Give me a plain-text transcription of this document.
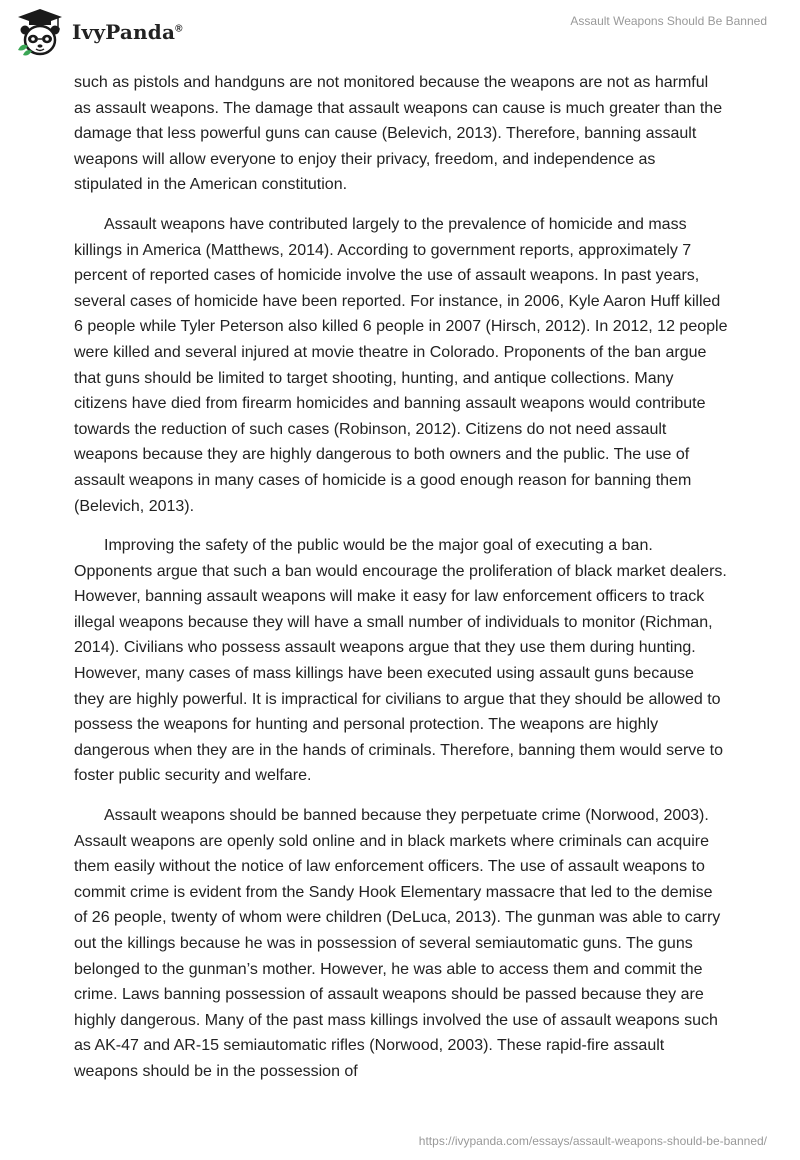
IvyPanda®
Assault Weapons Should Be Banned

such as pistols and handguns are not monitored because the weapons are not as harmful as assault weapons. The damage that assault weapons can cause is much greater than the damage that less powerful guns can cause (Belevich, 2013). Therefore, banning assault weapons will allow everyone to enjoy their privacy, freedom, and independence as stipulated in the American constitution.

Assault weapons have contributed largely to the prevalence of homicide and mass killings in America (Matthews, 2014). According to government reports, approximately 7 percent of reported cases of homicide involve the use of assault weapons. In past years, several cases of homicide have been reported. For instance, in 2006, Kyle Aaron Huff killed 6 people while Tyler Peterson also killed 6 people in 2007 (Hirsch, 2012). In 2012, 12 people were killed and several injured at movie theatre in Colorado. Proponents of the ban argue that guns should be limited to target shooting, hunting, and antique collections. Many citizens have died from firearm homicides and banning assault weapons would contribute towards the reduction of such cases (Robinson, 2012). Citizens do not need assault weapons because they are highly dangerous to both owners and the public. The use of assault weapons in many cases of homicide is a good enough reason for banning them (Belevich, 2013).

Improving the safety of the public would be the major goal of executing a ban. Opponents argue that such a ban would encourage the proliferation of black market dealers. However, banning assault weapons will make it easy for law enforcement officers to track illegal weapons because they will have a small number of individuals to monitor (Richman, 2014). Civilians who possess assault weapons argue that they use them during hunting. However, many cases of mass killings have been executed using assault guns because they are highly powerful. It is impractical for civilians to argue that they should be allowed to possess the weapons for hunting and personal protection. The weapons are highly dangerous when they are in the hands of criminals. Therefore, banning them would serve to foster public security and welfare.

Assault weapons should be banned because they perpetuate crime (Norwood, 2003). Assault weapons are openly sold online and in black markets where criminals can acquire them easily without the notice of law enforcement officers. The use of assault weapons to commit crime is evident from the Sandy Hook Elementary massacre that led to the demise of 26 people, twenty of whom were children (DeLuca, 2013). The gunman was able to carry out the killings because he was in possession of several semiautomatic guns. The guns belonged to the gunman’s mother. However, he was able to access them and commit the crime. Laws banning possession of assault weapons should be passed because they are highly dangerous. Many of the past mass killings involved the use of assault weapons such as AK-47 and AR-15 semiautomatic rifles (Norwood, 2003). These rapid-fire assault weapons should be in the possession of

https://ivypanda.com/essays/assault-weapons-should-be-banned/
